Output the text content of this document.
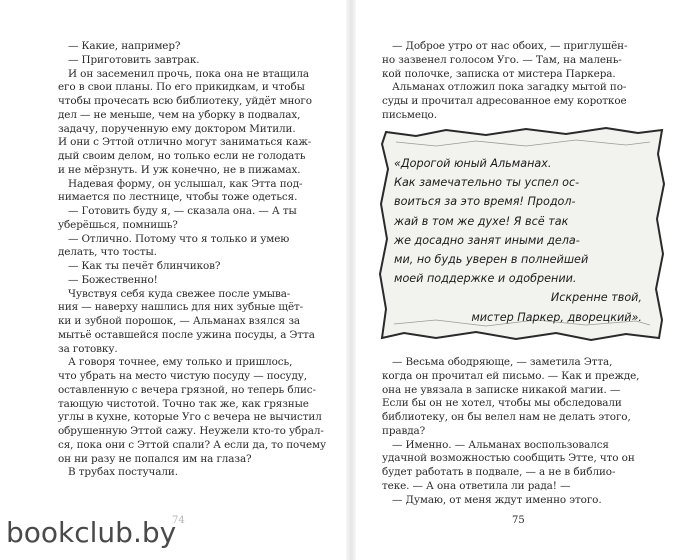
— Какие, например?
— Приготовить завтрак.
И он засеменил прочь, пока она не втащила
его в свои планы. По его прикидкам, и чтобы
чтобы прочесать всю библиотеку, уйдёт много
дел — не меньше, чем на уборку в подвалах,
задачу, порученную ему доктором Митили.
И они с Эттой отлично могут заниматься каж-
дый своим делом, но только если не голодать
и не мёрзнуть. И уж конечно, не в пижамах.
Надевая форму, он услышал, как Этта под-
нимается по лестнице, чтобы тоже одеться.
— Готовить буду я, — сказала она. — А ты
уберёшься, помнишь?
— Отлично. Потому что я только и умею
делать, что тосты.
— Как ты печёт блинчиков?
— Божественно!
Чувствуя себя куда свежее после умыва-
ния — наверху нашлись для них зубные щёт-
ки и зубной порошок, — Альманах взялся за
мытьё оставшейся после ужина посуды, а Этта
за готовку.
А говоря точнее, ему только и пришлось,
что убрать на место чистую посуду — посуду,
оставленную с вечера грязной, но теперь блис-
тающую чистотой. Точно так же, как грязные
углы в кухне, которые Уго с вечера не вычистил
обрушенную Эттой сажу. Неужели кто-то убрал-
ся, пока они с Эттой спали? А если да, то почему
он ни разу не попался им на глаза?
В трубах постучали.
— Доброе утро от нас обоих, — приглушён-
но зазвенел голосом Уго. — Там, на малень-
кой полочке, записка от мистера Паркера.
Альманах отложил пока загадку мытой по-
суды и прочитал адресованное ему короткое
письмецо.
«Дорогой юный Альманах.
Как замечательно ты успел ос-
воиться за это время! Продол-
жай в том же духе! Я всё так
же досадно занят иными дела-
ми, но будь уверен в полнейшей
моей поддержке и одобрении.
Искренне твой,
мистер Паркер, дворецкий».
— Весьма ободряюще, — заметила Этта,
когда он прочитал ей письмо. — Как и прежде,
она не увязала в записке никакой магии. —
Если бы он не хотел, чтобы мы обследовали
библиотеку, он бы велел нам не делать этого,
правда?
— Именно. — Альманах воспользовался
удачной возможностью сообщить Этте, что он
будет работать в подвале, — а не в библио-
теке. — А она ответила ли рада! —
— Думаю, от меня ждут именно этого.
75
bookclub.by
